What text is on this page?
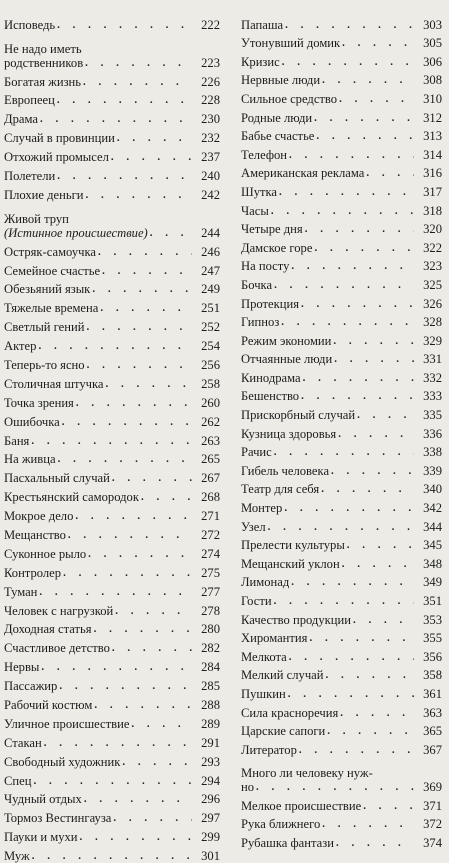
Исповедь . . .	222
Не надо иметь
родственников . . .	223
Богатая жизнь . . .	226
Европеец . . .	228
Драма . . .	230
Случай в провинции . . .	232
Отхожий промысел . . .	237
Полетели . . .	240
Плохие деньги . . .	242
Живой труп
(Истинное происшествие) . . .	244
Остряк-самоучка . . .	246
Семейное счастье . . .	247
Обезьяний язык . . .	249
Тяжелые времена . . .	251
Светлый гений . . .	252
Актер . . .	254
Теперь-то ясно . . .	256
Столичная штучка . . .	258
Точка зрения . . .	260
Ошибочка . . .	262
Баня . . .	263
На живца . . .	265
Пасхальный случай . . .	267
Крестьянский самородок . . .	268
Мокрое дело . . .	271
Мещанство . . .	272
Суконное рыло . . .	274
Контролер . . .	275
Туман . . .	277
Человек с нагрузкой . . .	278
Доходная статья . . .	280
Счастливое детство . . .	282
Нервы . . .	284
Пассажир . . .	285
Рабочий костюм . . .	288
Уличное происшествие . . .	289
Стакан . . .	291
Свободный художник . . .	293
Спец . . .	294
Чудный отдых . . .	296
Тормоз Вестингауза . . .	297
Пауки и мухи . . .	299
Муж . . .	301
Папаша . . .	303
Утонувший домик . . .	305
Кризис . . .	306
Нервные люди . . .	308
Сильное средство . . .	310
Родные люди . . .	312
Бабье счастье . . .	313
Телефон . . .	314
Американская реклама . . .	316
Шутка . . .	317
Часы . . .	318
Четыре дня . . .	320
Дамское горе . . .	322
На посту . . .	323
Бочка . . .	325
Протекция . . .	326
Гипноз . . .	328
Режим экономии . . .	329
Отчаянные люди . . .	331
Кинодрама . . .	332
Бешенство . . .	333
Прискорбный случай . . .	335
Кузница здоровья . . .	336
Рачис . . .	338
Гибель человека . . .	339
Театр для себя . . .	340
Монтер . . .	342
Узел . . .	344
Прелести культуры . . .	345
Мещанский уклон . . .	348
Лимонад . . .	349
Гости . . .	351
Качество продукции . . .	353
Хиромантия . . .	355
Мелкота . . .	356
Мелкий случай . . .	358
Пушкин . . .	361
Сила красноречия . . .	363
Царские сапоги . . .	365
Литератор . . .	367
Много ли человеку нуж-
но . . .	369
Мелкое происшествие . . .	371
Рука ближнего . . .	372
Рубашка фантази . . .	374
